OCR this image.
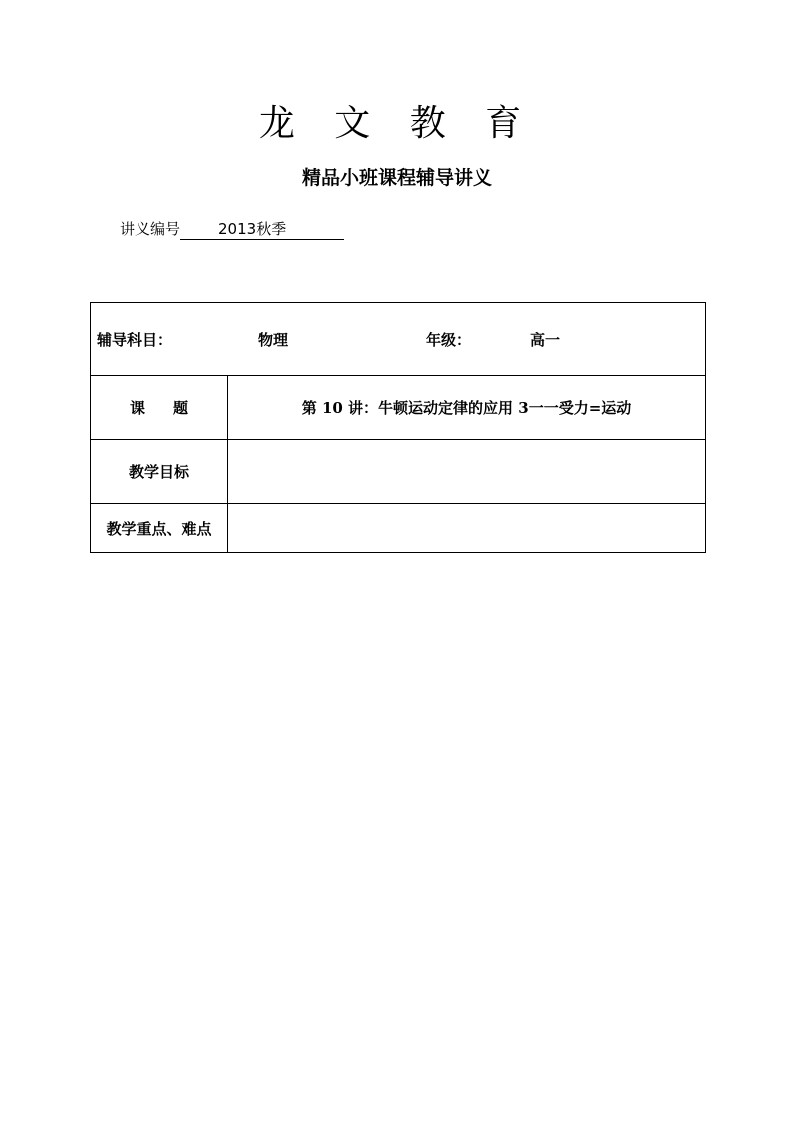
龙 文 教 育
精品小班课程辅导讲义
讲义编号	2013秋季
辅导科目： 物理 年级： 高一	

课 题	第 10 讲：牛顿运动定律的应用 3一一受力=运动
教学目标	
教学重点、难点	
